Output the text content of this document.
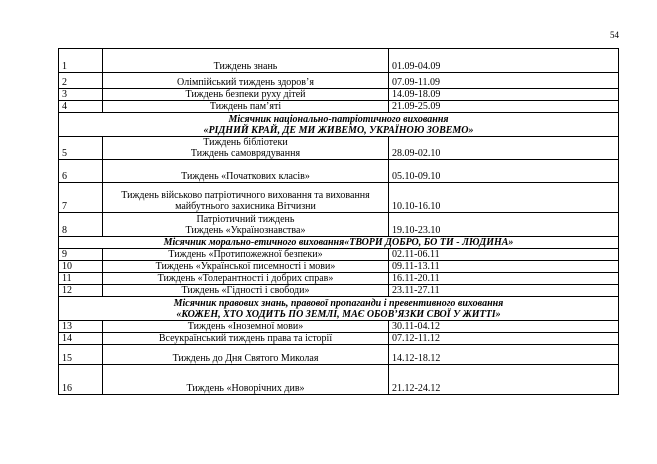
54
1	Тиждень знань	01.09-04.09
2	Олімпійський тиждень здоров’я	07.09-11.09
3	Тиждень безпеки руху дітей	14.09-18.09
4	Тиждень пам’яті	21.09-25.09

Місячник національно-патріотичного виховання
«РІДНИЙ КРАЙ, ДЕ МИ ЖИВЕМО, УКРАЇНОЮ ЗОВЕМО»		

5	Тиждень бібліотеки
Тиждень самоврядування	28.09-02.10
6	Тиждень «Початкових класів»	05.10-09.10
7	Тиждень військово патріотичного виховання та виховання
майбутнього захисника Вітчизни	10.10-16.10
8	Патріотичний тиждень
Тиждень «Українознавства»	19.10-23.10

Місячник морально-етичного виховання«ТВОРИ ДОБРО, БО ТИ - ЛЮДИНА»		

9	Тиждень «Протипожежної безпеки»	02.11-06.11
10	Тиждень «Української писемності і мови»	09.11-13.11
11	Тиждень «Толерантності і добрих справ»	16.11-20.11
12	Тиждень «Гідності і свободи»	23.11-27.11

Місячник правових знань, правової пропаганди і превентивного виховання
«КОЖЕН, ХТО ХОДИТЬ ПО ЗЕМЛІ, МАЄ ОБОВ’ЯЗКИ СВОЇ У ЖИТТІ»		

13	Тиждень «Іноземної мови»	30.11-04.12
14	Всеукраїнський тиждень права та історії	07.12-11.12
15	Тиждень до Дня Святого Миколая	14.12-18.12
16	Тиждень «Новорічних див»	21.12-24.12
